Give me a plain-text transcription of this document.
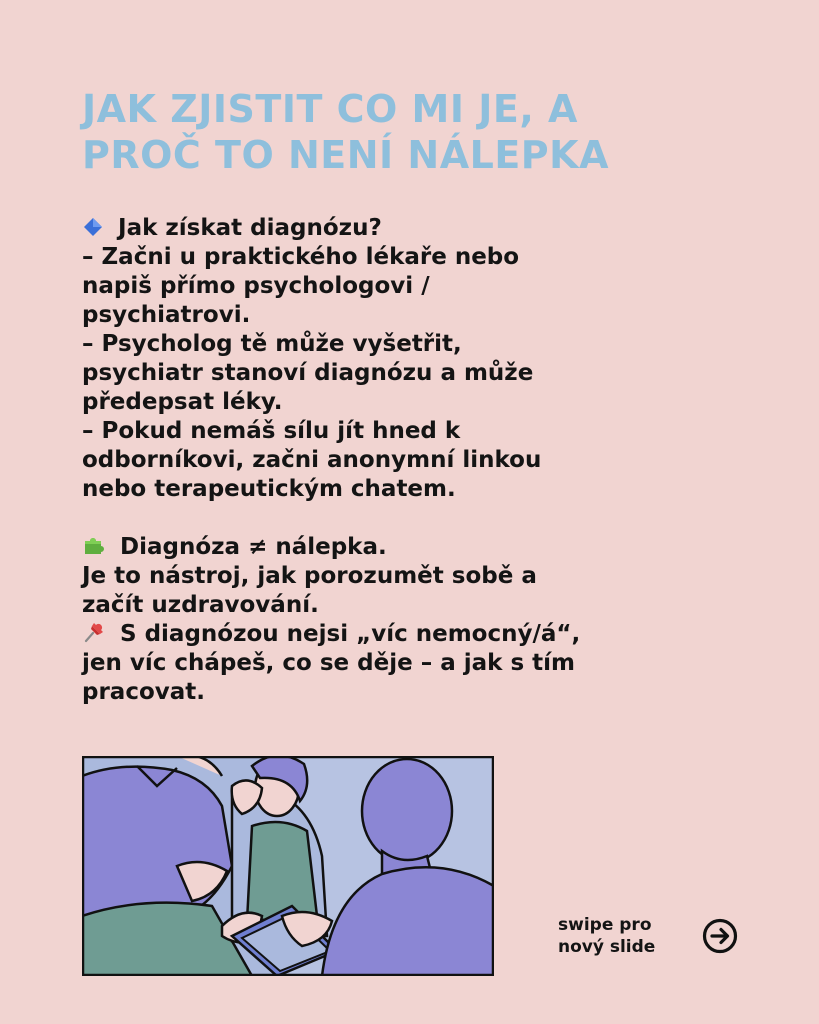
JAK ZJISTIT CO MI JE, A
PROČ TO NENÍ NÁLEPKA
Jak získat diagnózu?
– Začni u praktického lékaře nebo
napiš přímo psychologovi /
psychiatrovi.
– Psycholog tě může vyšetřit,
psychiatr stanoví diagnózu a může
předepsat léky.
– Pokud nemáš sílu jít hned k
odborníkovi, začni anonymní linkou
nebo terapeutickým chatem.
Diagnóza ≠ nálepka.
Je to nástroj, jak porozumět sobě a
začít uzdravování.
S diagnózou nejsi „víc nemocný/á“,
jen víc chápeš, co se děje – a jak s tím
pracovat.
swipe pro
nový slide
